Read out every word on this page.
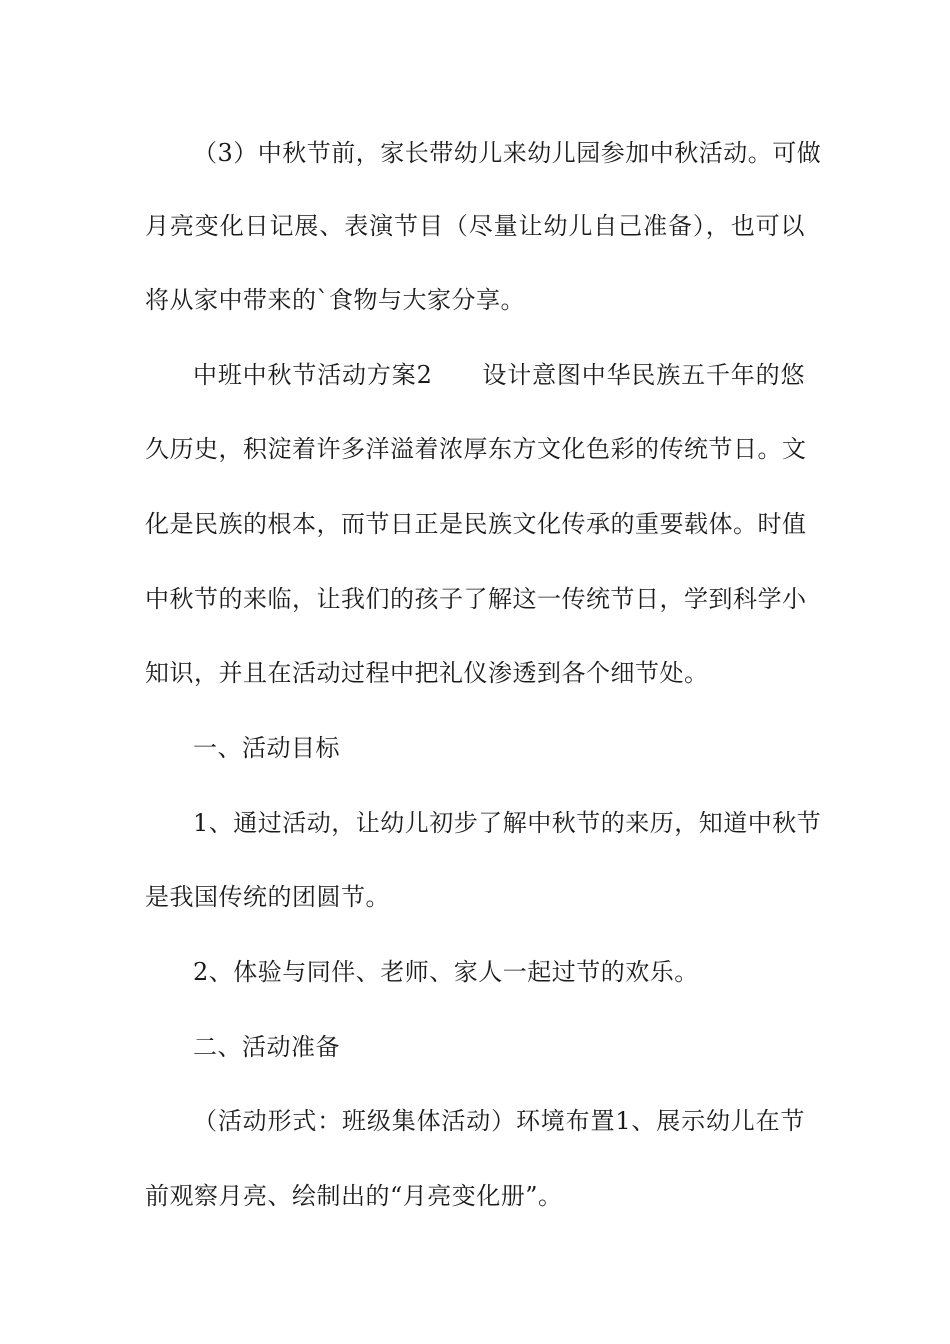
（3）中秋节前，家长带幼儿来幼儿园参加中秋活动。可做
月亮变化日记展、表演节目（尽量让幼儿自己准备），也可以
将从家中带来的`食物与大家分享。
中班中秋节活动方案2　　设计意图中华民族五千年的悠
久历史，积淀着许多洋溢着浓厚东方文化色彩的传统节日。文
化是民族的根本，而节日正是民族文化传承的重要载体。时值
中秋节的来临，让我们的孩子了解这一传统节日，学到科学小
知识，并且在活动过程中把礼仪渗透到各个细节处。
一、活动目标
1、通过活动，让幼儿初步了解中秋节的来历，知道中秋节
是我国传统的团圆节。
2、体验与同伴、老师、家人一起过节的欢乐。
二、活动准备
（活动形式：班级集体活动）环境布置1、展示幼儿在节
前观察月亮、绘制出的“月亮变化册”。
